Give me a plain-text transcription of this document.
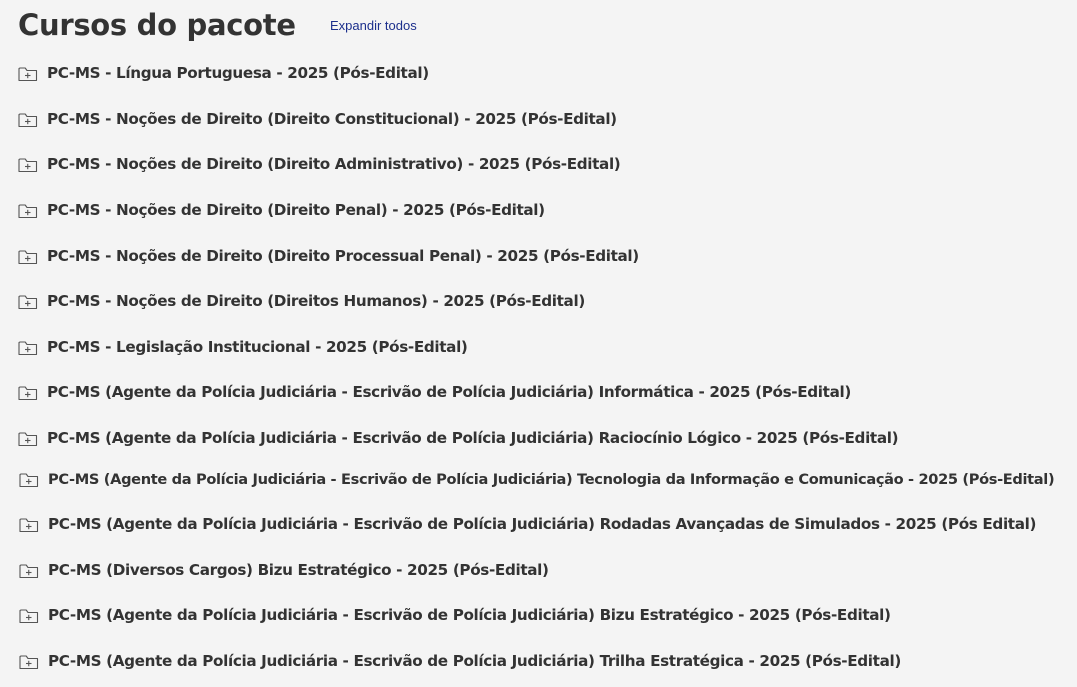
Cursos do pacote	Expandir todos
PC-MS - Língua Portuguesa - 2025 (Pós-Edital)
PC-MS - Noções de Direito (Direito Constitucional) - 2025 (Pós-Edital)
PC-MS - Noções de Direito (Direito Administrativo) - 2025 (Pós-Edital)
PC-MS - Noções de Direito (Direito Penal) - 2025 (Pós-Edital)
PC-MS - Noções de Direito (Direito Processual Penal) - 2025 (Pós-Edital)
PC-MS - Noções de Direito (Direitos Humanos) - 2025 (Pós-Edital)
PC-MS - Legislação Institucional - 2025 (Pós-Edital)
PC-MS (Agente da Polícia Judiciária - Escrivão de Polícia Judiciária) Informática - 2025 (Pós-Edital)
PC-MS (Agente da Polícia Judiciária - Escrivão de Polícia Judiciária) Raciocínio Lógico - 2025 (Pós-Edital)
PC-MS (Agente da Polícia Judiciária - Escrivão de Polícia Judiciária) Tecnologia da Informação e Comunicação - 2025 (Pós-Edital)
PC-MS (Agente da Polícia Judiciária - Escrivão de Polícia Judiciária) Rodadas Avançadas de Simulados - 2025 (Pós Edital)
PC-MS (Diversos Cargos) Bizu Estratégico - 2025 (Pós-Edital)
PC-MS (Agente da Polícia Judiciária - Escrivão de Polícia Judiciária) Bizu Estratégico - 2025 (Pós-Edital)
PC-MS (Agente da Polícia Judiciária - Escrivão de Polícia Judiciária) Trilha Estratégica - 2025 (Pós-Edital)
